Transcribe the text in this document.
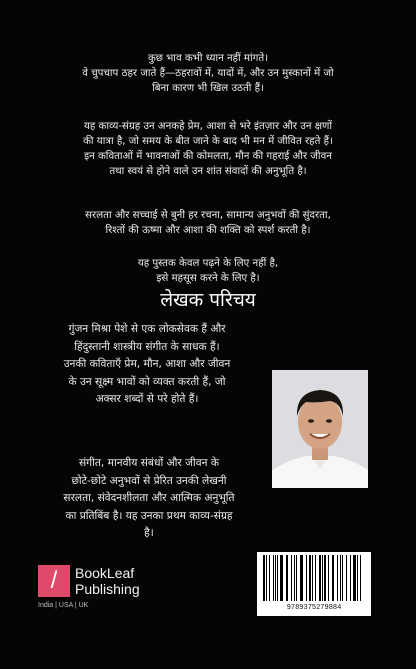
कुछ भाव कभी ध्यान नहीं मांगते।
वे चुपचाप ठहर जाते हैं—ठहरावों में, यादों में, और उन मुस्कानों में जो
बिना कारण भी खिल उठती हैं।

यह काव्य-संग्रह उन अनकहे प्रेम, आशा से भरे इंतज़ार और उन क्षणों
की यात्रा है, जो समय के बीत जाने के बाद भी मन में जीवित रहते हैं।
इन कविताओं में भावनाओं की कोमलता, मौन की गहराई और जीवन
तथा स्वयं से होने वाले उन शांत संवादों की अनुभूति है।

सरलता और सच्चाई से बुनी हर रचना, सामान्य अनुभवों की सुंदरता,
रिश्तों की ऊष्मा और आशा की शक्ति को स्पर्श करती है।

यह पुस्तक केवल पढ़ने के लिए नहीं है,
इसे महसूस करने के लिए है।

लेखक परिचय

गुंजन मिश्रा पेशे से एक लोकसेवक हैं और
हिंदुस्तानी शास्त्रीय संगीत के साधक हैं।
उनकी कविताएँ प्रेम, मौन, आशा और जीवन
के उन सूक्ष्म भावों को व्यक्त करती हैं, जो
अक्सर शब्दों से परे होते हैं।

संगीत, मानवीय संबंधों और जीवन के
छोटे-छोटे अनुभवों से प्रेरित उनकी लेखनी
सरलता, संवेदनशीलता और आत्मिक अनुभूति
का प्रतिबिंब है। यह उनका प्रथम काव्य-संग्रह
है।

/	BookLeaf
Publishing
India | USA | UK	9789375279884
